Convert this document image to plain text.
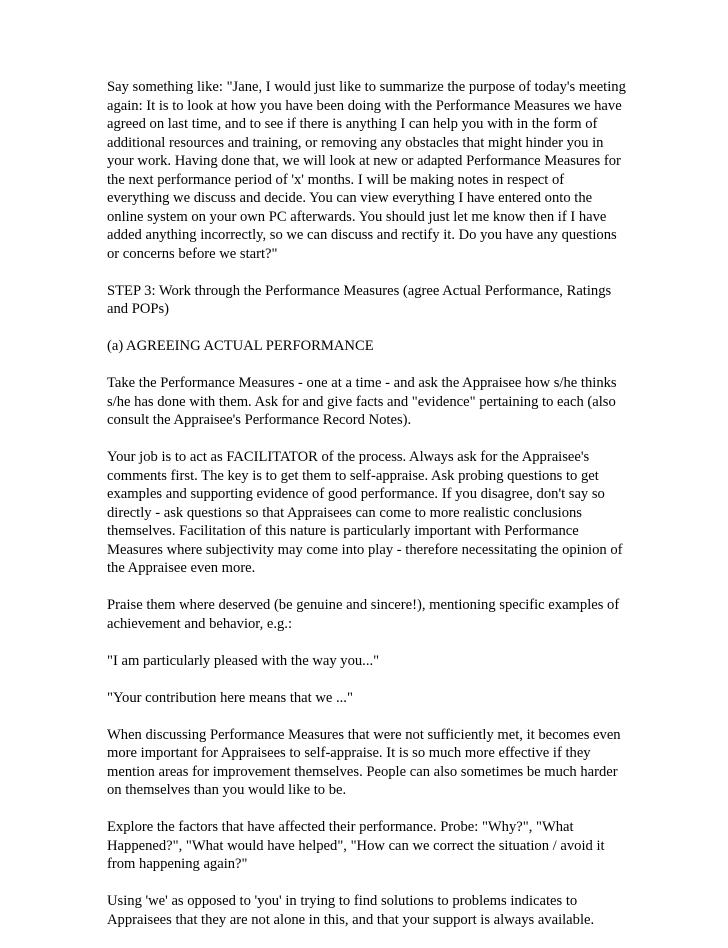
Say something like: "Jane, I would just like to summarize the purpose of today's meeting again: It is to look at how you have been doing with the Performance Measures we have agreed on last time, and to see if there is anything I can help you with in the form of additional resources and training, or removing any obstacles that might hinder you in your work. Having done that, we will look at new or adapted Performance Measures for the next performance period of 'x' months. I will be making notes in respect of everything we discuss and decide. You can view everything I have entered onto the online system on your own PC afterwards. You should just let me know then if I have added anything incorrectly, so we can discuss and rectify it. Do you have any questions or concerns before we start?"

STEP 3: Work through the Performance Measures (agree Actual Performance, Ratings and POPs)

(a) AGREEING ACTUAL PERFORMANCE

Take the Performance Measures - one at a time - and ask the Appraisee how s/he thinks s/he has done with them. Ask for and give facts and "evidence" pertaining to each (also consult the Appraisee's Performance Record Notes).

Your job is to act as FACILITATOR of the process. Always ask for the Appraisee's comments first. The key is to get them to self-appraise. Ask probing questions to get examples and supporting evidence of good performance. If you disagree, don't say so directly - ask questions so that Appraisees can come to more realistic conclusions themselves. Facilitation of this nature is particularly important with Performance Measures where subjectivity may come into play - therefore necessitating the opinion of the Appraisee even more.

Praise them where deserved (be genuine and sincere!), mentioning specific examples of achievement and behavior, e.g.:

"I am particularly pleased with the way you..."

"Your contribution here means that we ..."

When discussing Performance Measures that were not sufficiently met, it becomes even more important for Appraisees to self-appraise. It is so much more effective if they mention areas for improvement themselves. People can also sometimes be much harder on themselves than you would like to be.

Explore the factors that have affected their performance. Probe: "Why?", "What Happened?", "What would have helped", "How can we correct the situation / avoid it from happening again?"

Using 'we' as opposed to 'you' in trying to find solutions to problems indicates to Appraisees that they are not alone in this, and that your support is always available.
